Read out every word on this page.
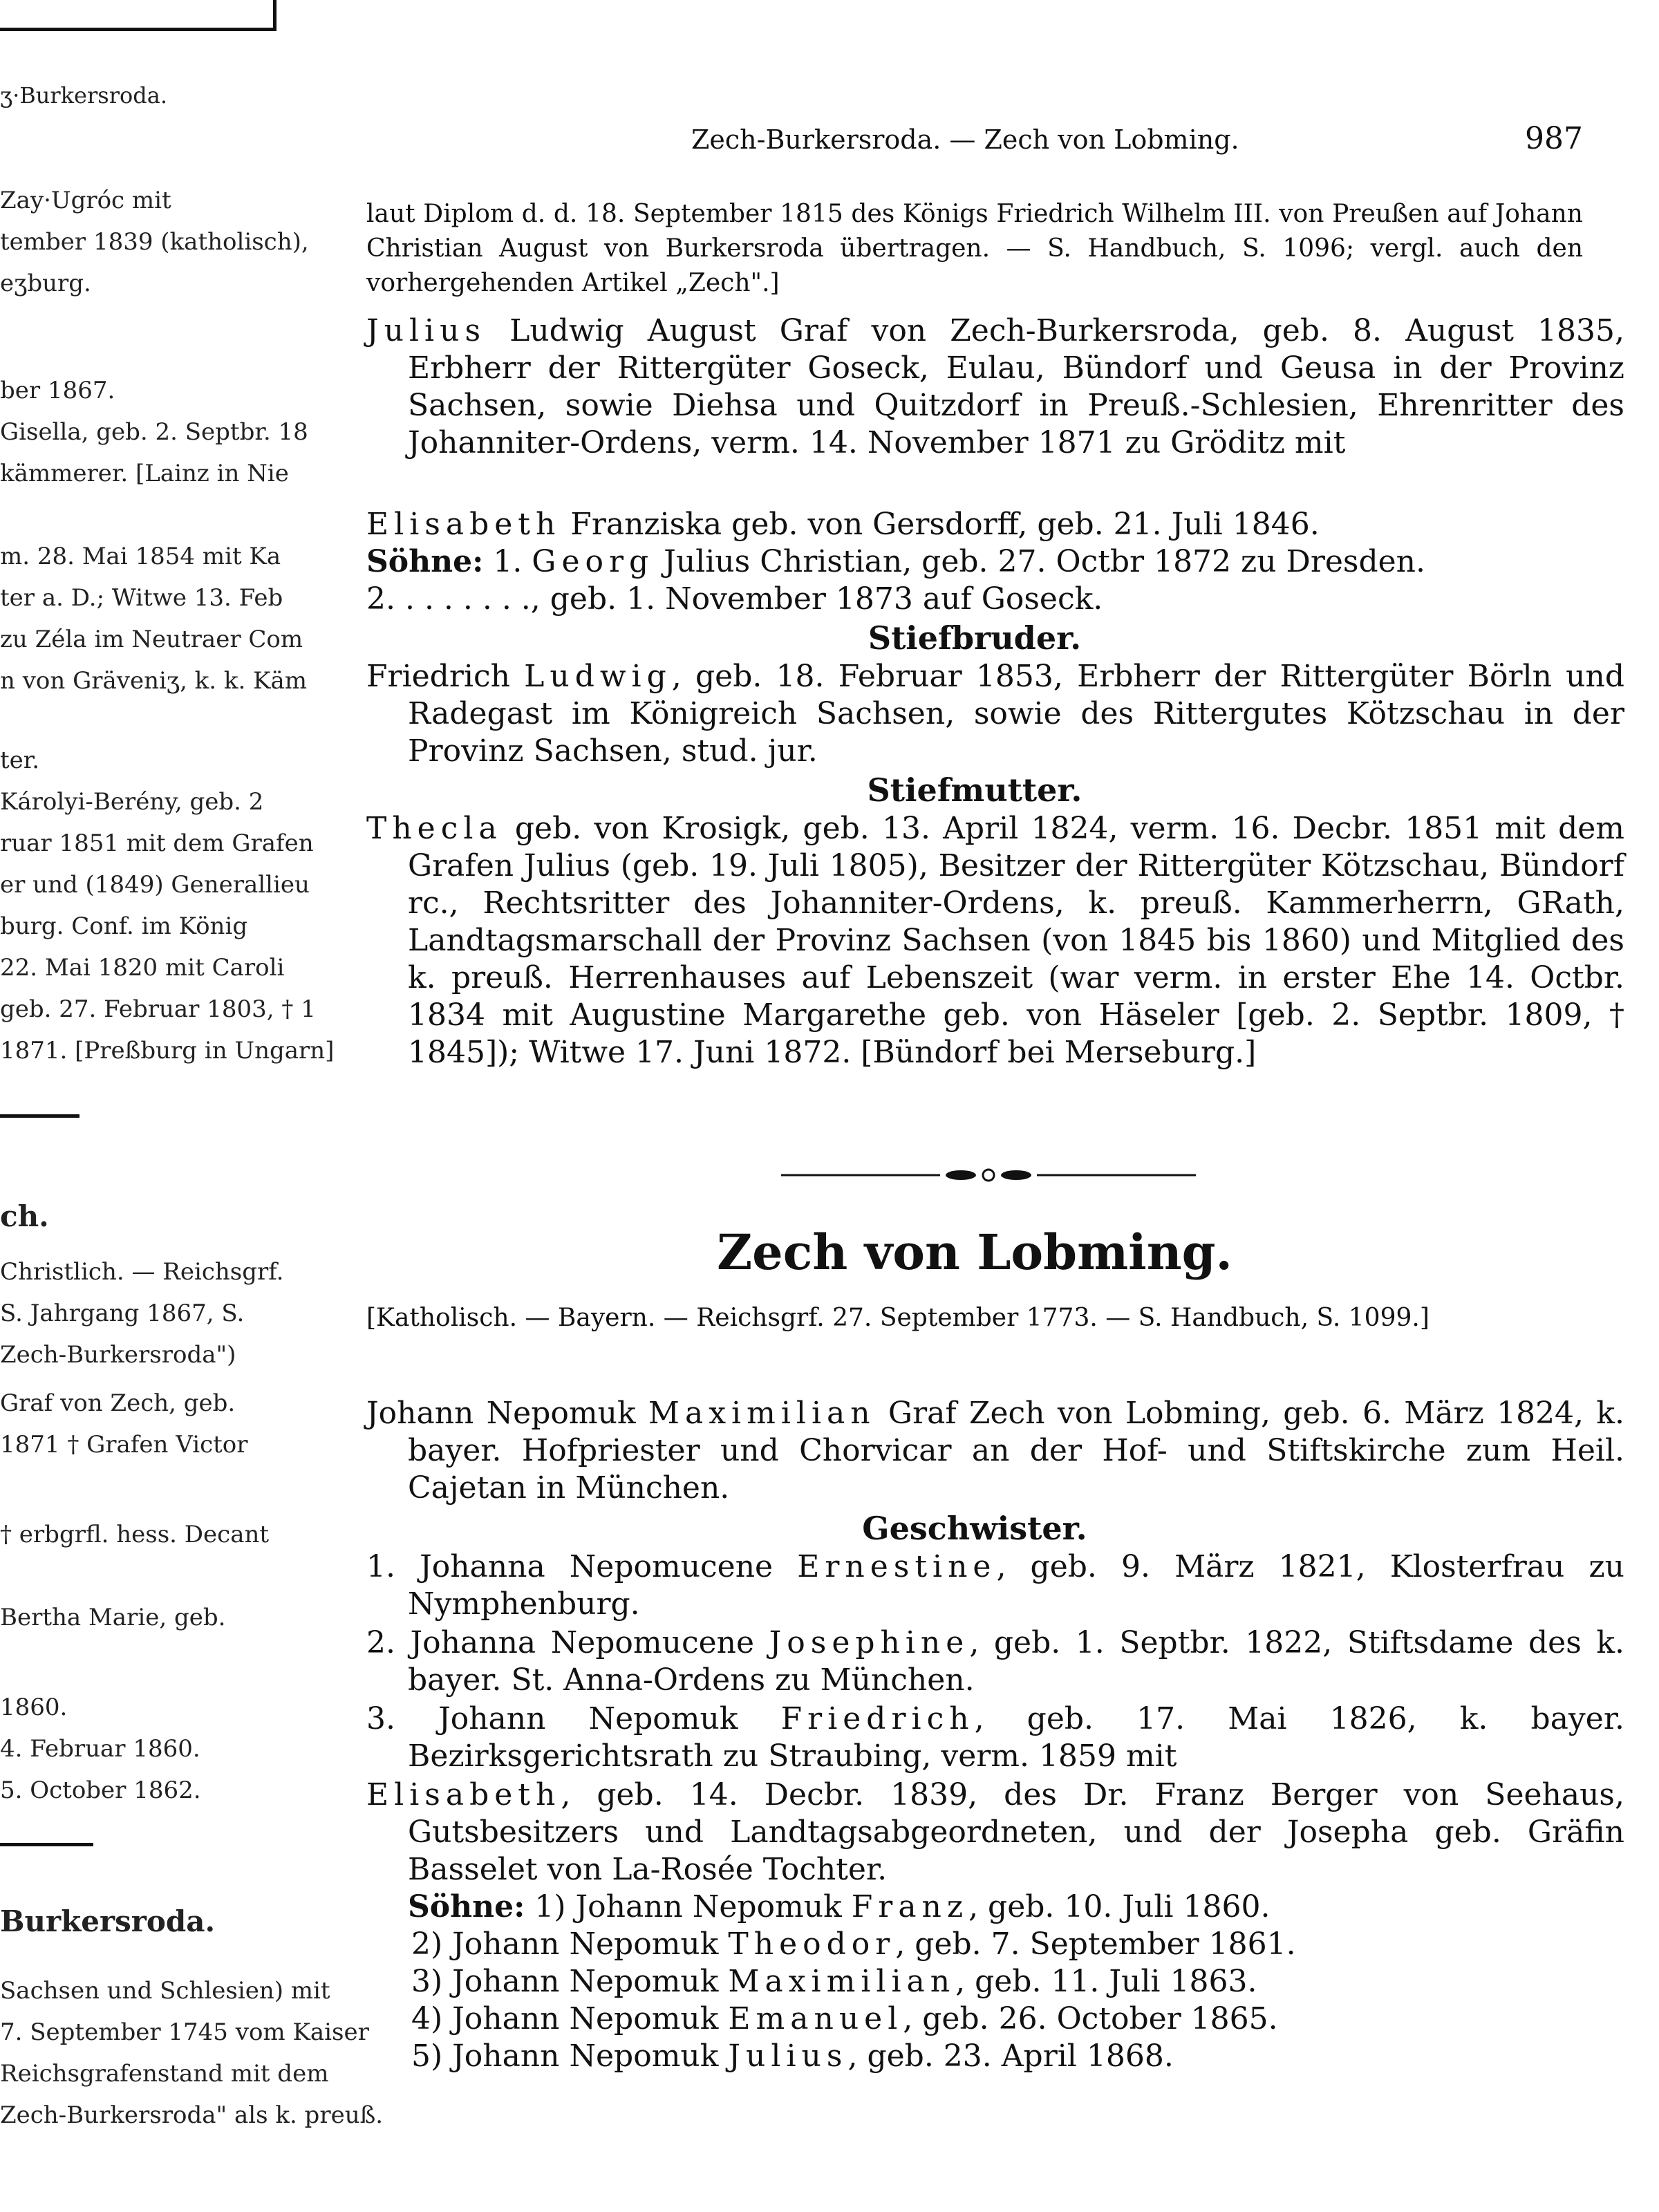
ʒ·Burkersroda.
Zay·Ugróc mit
tember 1839 (katholisch),
eʒburg.
ber 1867.
Gisella, geb. 2. Septbr. 18
kämmerer. [Lainz in Nie
m. 28. Mai 1854 mit Ka
ter a. D.; Witwe 13. Feb
zu Zéla im Neutraer Com
n von Gräveniʒ, k. k. Käm
ter.
Károlyi-Berény, geb. 2
ruar 1851 mit dem Grafen
er und (1849) Generallieu
burg. Conf. im König
22. Mai 1820 mit Caroli
geb. 27. Februar 1803, † 1
1871. [Preßburg in Ungarn]
ch.
Christlich. — Reichsgrf.
S. Jahrgang 1867, S.
Zech-Burkersroda")
Graf von Zech, geb.
1871 † Grafen Victor
† erbgrfl. hess. Decant
Bertha Marie, geb.
1860.
4. Februar 1860.
5. October 1862.
Burkersroda.
Sachsen und Schlesien) mit
7. September 1745 vom Kaiser
Reichsgrafenstand mit dem
Zech-Burkersroda" als k. preuß.
Zech-Burkersroda. — Zech von Lobming.	987
laut Diplom d. d. 18. September 1815 des Königs Friedrich Wilhelm III. von Preußen auf Johann Christian August von Burkersroda übertragen. — S. Handbuch, S. 1096; vergl. auch den vorhergehenden Artikel „Zech".]
Julius Ludwig August Graf von Zech-Burkersroda, geb. 8. August 1835, Erbherr der Rittergüter Goseck, Eulau, Bündorf und Geusa in der Provinz Sachsen, sowie Diehsa und Quitzdorf in Preuß.-Schlesien, Ehrenritter des Johanniter-Ordens, verm. 14. November 1871 zu Gröditz mit
Elisabeth Franziska geb. von Gersdorff, geb. 21. Juli 1846.
Söhne: 1. Georg Julius Christian, geb. 27. Octbr 1872 zu Dresden.
2. . . . . . . ., geb. 1. November 1873 auf Goseck.
Stiefbruder.
Friedrich Ludwig, geb. 18. Februar 1853, Erbherr der Rittergüter Börln und Radegast im Königreich Sachsen, sowie des Rittergutes Kötzschau in der Provinz Sachsen, stud. jur.
Stiefmutter.
Thecla geb. von Krosigk, geb. 13. April 1824, verm. 16. Decbr. 1851 mit dem Grafen Julius (geb. 19. Juli 1805), Besitzer der Rittergüter Kötzschau, Bündorf rc., Rechtsritter des Johanniter-Ordens, k. preuß. Kammerherrn, GRath, Landtagsmarschall der Provinz Sachsen (von 1845 bis 1860) und Mitglied des k. preuß. Herrenhauses auf Lebenszeit (war verm. in erster Ehe 14. Octbr. 1834 mit Augustine Margarethe geb. von Häseler [geb. 2. Septbr. 1809, † 1845]); Witwe 17. Juni 1872. [Bündorf bei Merseburg.]
Zech von Lobming.
[Katholisch. — Bayern. — Reichsgrf. 27. September 1773. — S. Handbuch, S. 1099.]
Johann Nepomuk Maximilian Graf Zech von Lobming, geb. 6. März 1824, k. bayer. Hofpriester und Chorvicar an der Hof- und Stiftskirche zum Heil. Cajetan in München.
Geschwister.
1. Johanna Nepomucene Ernestine, geb. 9. März 1821, Klosterfrau zu Nymphenburg.
2. Johanna Nepomucene Josephine, geb. 1. Septbr. 1822, Stiftsdame des k. bayer. St. Anna-Ordens zu München.
3. Johann Nepomuk Friedrich, geb. 17. Mai 1826, k. bayer. Bezirksgerichtsrath zu Straubing, verm. 1859 mit
Elisabeth, geb. 14. Decbr. 1839, des Dr. Franz Berger von Seehaus, Gutsbesitzers und Landtagsabgeordneten, und der Josepha geb. Gräfin Basselet von La-Rosée Tochter.
Söhne: 1) Johann Nepomuk Franz, geb. 10. Juli 1860.
2) Johann Nepomuk Theodor, geb. 7. September 1861.
3) Johann Nepomuk Maximilian, geb. 11. Juli 1863.
4) Johann Nepomuk Emanuel, geb. 26. October 1865.
5) Johann Nepomuk Julius, geb. 23. April 1868.
